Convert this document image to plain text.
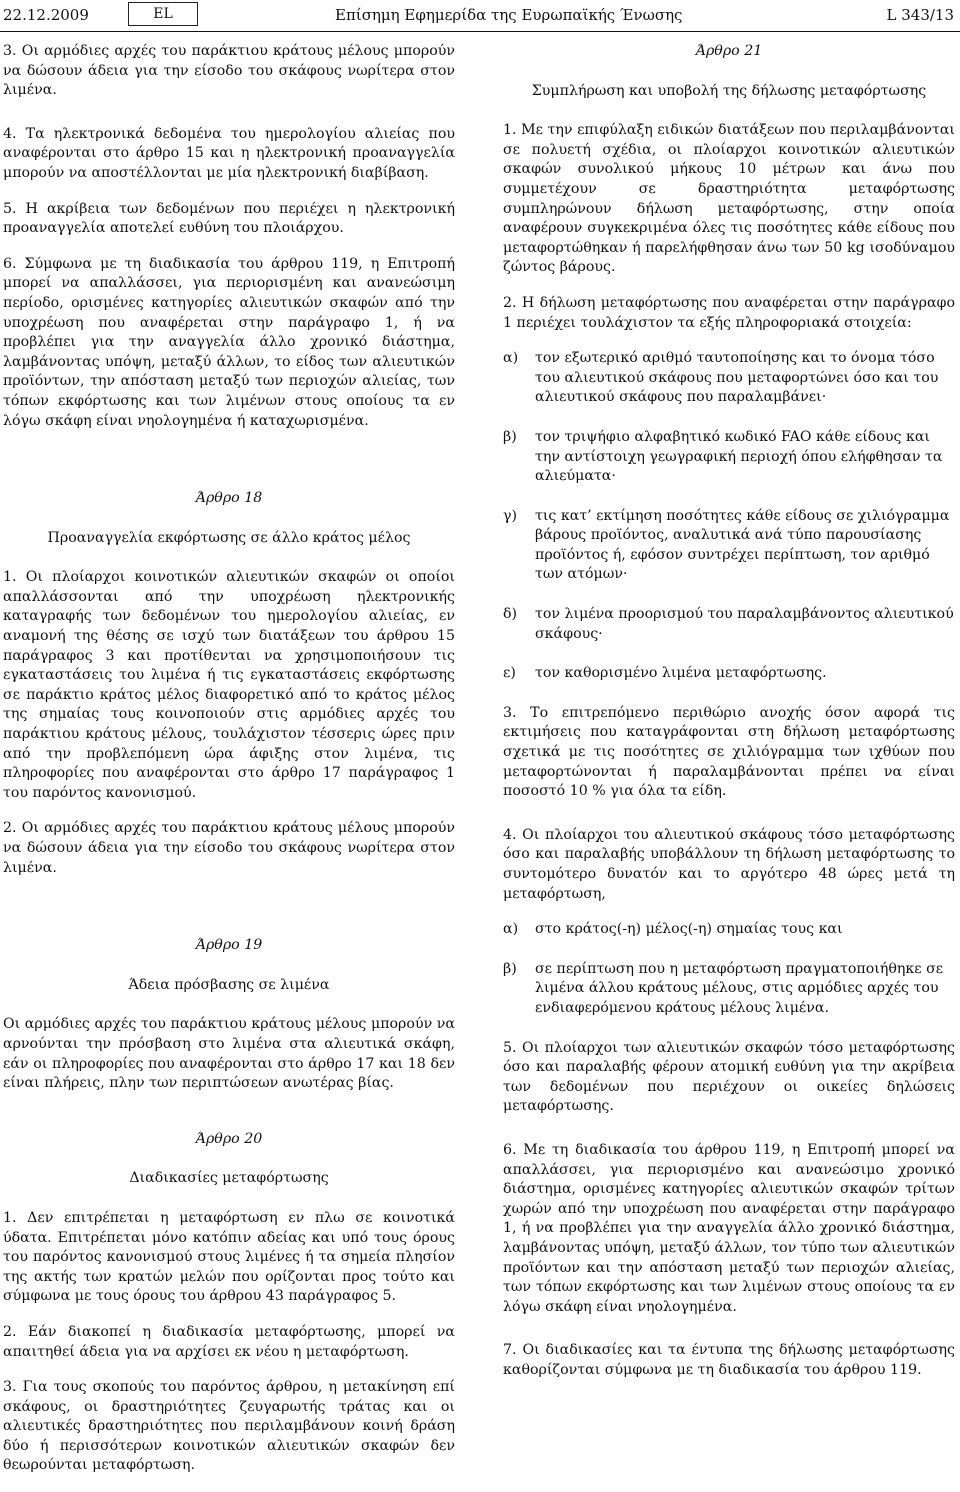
22.12.2009	EL	Επίσημη Εφημερίδα της Ευρωπαϊκής Ένωσης	L 343/13

3. Οι αρμόδιες αρχές του παράκτιου κράτους μέλους μπορούν να δώσουν άδεια για την είσοδο του σκάφους νωρίτερα στον λιμένα.

4. Τα ηλεκτρονικά δεδομένα του ημερολογίου αλιείας που αναφέρονται στο άρθρο 15 και η ηλεκτρονική προαναγγελία μπορούν να αποστέλλονται με μία ηλεκτρονική διαβίβαση.

5. Η ακρίβεια των δεδομένων που περιέχει η ηλεκτρονική προαναγγελία αποτελεί ευθύνη του πλοιάρχου.

6. Σύμφωνα με τη διαδικασία του άρθρου 119, η Επιτροπή μπορεί να απαλλάσσει, για περιορισμένη και ανανεώσιμη περίοδο, ορισμένες κατηγορίες αλιευτικών σκαφών από την υποχρέωση που αναφέρεται στην παράγραφο 1, ή να προβλέπει για την αναγγελία άλλο χρονικό διάστημα, λαμβάνοντας υπόψη, μεταξύ άλλων, το είδος των αλιευτικών προϊόντων, την απόσταση μεταξύ των περιοχών αλιείας, των τόπων εκφόρτωσης και των λιμένων στους οποίους τα εν λόγω σκάφη είναι νηολογημένα ή καταχωρισμένα.

Άρθρο 18
Προαναγγελία εκφόρτωσης σε άλλο κράτος μέλος

1. Οι πλοίαρχοι κοινοτικών αλιευτικών σκαφών οι οποίοι απαλλάσσονται από την υποχρέωση ηλεκτρονικής καταγραφής των δεδομένων του ημερολογίου αλιείας, εν αναμονή της θέσης σε ισχύ των διατάξεων του άρθρου 15 παράγραφος 3 και προτίθενται να χρησιμοποιήσουν τις εγκαταστάσεις του λιμένα ή τις εγκαταστάσεις εκφόρτωσης σε παράκτιο κράτος μέλος διαφορετικό από το κράτος μέλος της σημαίας τους κοινοποιούν στις αρμόδιες αρχές του παράκτιου κράτους μέλους, τουλάχιστον τέσσερις ώρες πριν από την προβλεπόμενη ώρα άφιξης στον λιμένα, τις πληροφορίες που αναφέρονται στο άρθρο 17 παράγραφος 1 του παρόντος κανονισμού.

2. Οι αρμόδιες αρχές του παράκτιου κράτους μέλους μπορούν να δώσουν άδεια για την είσοδο του σκάφους νωρίτερα στον λιμένα.

Άρθρο 19
Άδεια πρόσβασης σε λιμένα

Οι αρμόδιες αρχές του παράκτιου κράτους μέλους μπορούν να αρνούνται την πρόσβαση στο λιμένα στα αλιευτικά σκάφη, εάν οι πληροφορίες που αναφέρονται στο άρθρο 17 και 18 δεν είναι πλήρεις, πλην των περιπτώσεων ανωτέρας βίας.

Άρθρο 20
Διαδικασίες μεταφόρτωσης

1. Δεν επιτρέπεται η μεταφόρτωση εν πλω σε κοινοτικά ύδατα. Επιτρέπεται μόνο κατόπιν αδείας και υπό τους όρους του παρόντος κανονισμού στους λιμένες ή τα σημεία πλησίον της ακτής των κρατών μελών που ορίζονται προς τούτο και σύμφωνα με τους όρους του άρθρου 43 παράγραφος 5.

2. Εάν διακοπεί η διαδικασία μεταφόρτωσης, μπορεί να απαιτηθεί άδεια για να αρχίσει εκ νέου η μεταφόρτωση.

3. Για τους σκοπούς του παρόντος άρθρου, η μετακίνηση επί σκάφους, οι δραστηριότητες ζευγαρωτής τράτας και οι αλιευτικές δραστηριότητες που περιλαμβάνουν κοινή δράση δύο ή περισσότερων κοινοτικών αλιευτικών σκαφών δεν θεωρούνται μεταφόρτωση.

Άρθρο 21
Συμπλήρωση και υποβολή της δήλωσης μεταφόρτωσης

1. Με την επιφύλαξη ειδικών διατάξεων που περιλαμβάνονται σε πολυετή σχέδια, οι πλοίαρχοι κοινοτικών αλιευτικών σκαφών συνολικού μήκους 10 μέτρων και άνω που συμμετέχουν σε δραστηριότητα μεταφόρτωσης συμπληρώνουν δήλωση μεταφόρτωσης, στην οποία αναφέρουν συγκεκριμένα όλες τις ποσότητες κάθε είδους που μεταφορτώθηκαν ή παρελήφθησαν άνω των 50 kg ισοδύναμου ζώντος βάρους.

2. Η δήλωση μεταφόρτωσης που αναφέρεται στην παράγραφο 1 περιέχει τουλάχιστον τα εξής πληροφοριακά στοιχεία:

α)	τον εξωτερικό αριθμό ταυτοποίησης και το όνομα τόσο του αλιευτικού σκάφους που μεταφορτώνει όσο και του αλιευτικού σκάφους που παραλαμβάνει·
β)	τον τριψήφιο αλφαβητικό κωδικό FAO κάθε είδους και την αντίστοιχη γεωγραφική περιοχή όπου ελήφθησαν τα αλιεύματα·
γ)	τις κατ’ εκτίμηση ποσότητες κάθε είδους σε χιλιόγραμμα βάρους προϊόντος, αναλυτικά ανά τύπο παρουσίασης προϊόντος ή, εφόσον συντρέχει περίπτωση, τον αριθμό των ατόμων·
δ)	τον λιμένα προορισμού του παραλαμβάνοντος αλιευτικού σκάφους·
ε)	τον καθορισμένο λιμένα μεταφόρτωσης.

3. Το επιτρεπόμενο περιθώριο ανοχής όσον αφορά τις εκτιμήσεις που καταγράφονται στη δήλωση μεταφόρτωσης σχετικά με τις ποσότητες σε χιλιόγραμμα των ιχθύων που μεταφορτώνονται ή παραλαμβάνονται πρέπει να είναι ποσοστό 10 % για όλα τα είδη.

4. Οι πλοίαρχοι του αλιευτικού σκάφους τόσο μεταφόρτωσης όσο και παραλαβής υποβάλλουν τη δήλωση μεταφόρτωσης το συντομότερο δυνατόν και το αργότερο 48 ώρες μετά τη μεταφόρτωση,

α)	στο κράτος(-η) μέλος(-η) σημαίας τους και
β)	σε περίπτωση που η μεταφόρτωση πραγματοποιήθηκε σε λιμένα άλλου κράτους μέλους, στις αρμόδιες αρχές του ενδιαφερόμενου κράτους μέλους λιμένα.

5. Οι πλοίαρχοι των αλιευτικών σκαφών τόσο μεταφόρτωσης όσο και παραλαβής φέρουν ατομική ευθύνη για την ακρίβεια των δεδομένων που περιέχουν οι οικείες δηλώσεις μεταφόρτωσης.

6. Με τη διαδικασία του άρθρου 119, η Επιτροπή μπορεί να απαλλάσσει, για περιορισμένο και ανανεώσιμο χρονικό διάστημα, ορισμένες κατηγορίες αλιευτικών σκαφών τρίτων χωρών από την υποχρέωση που αναφέρεται στην παράγραφο 1, ή να προβλέπει για την αναγγελία άλλο χρονικό διάστημα, λαμβάνοντας υπόψη, μεταξύ άλλων, τον τύπο των αλιευτικών προϊόντων και την απόσταση μεταξύ των περιοχών αλιείας, των τόπων εκφόρτωσης και των λιμένων στους οποίους τα εν λόγω σκάφη είναι νηολογημένα.

7. Οι διαδικασίες και τα έντυπα της δήλωσης μεταφόρτωσης καθορίζονται σύμφωνα με τη διαδικασία του άρθρου 119.
